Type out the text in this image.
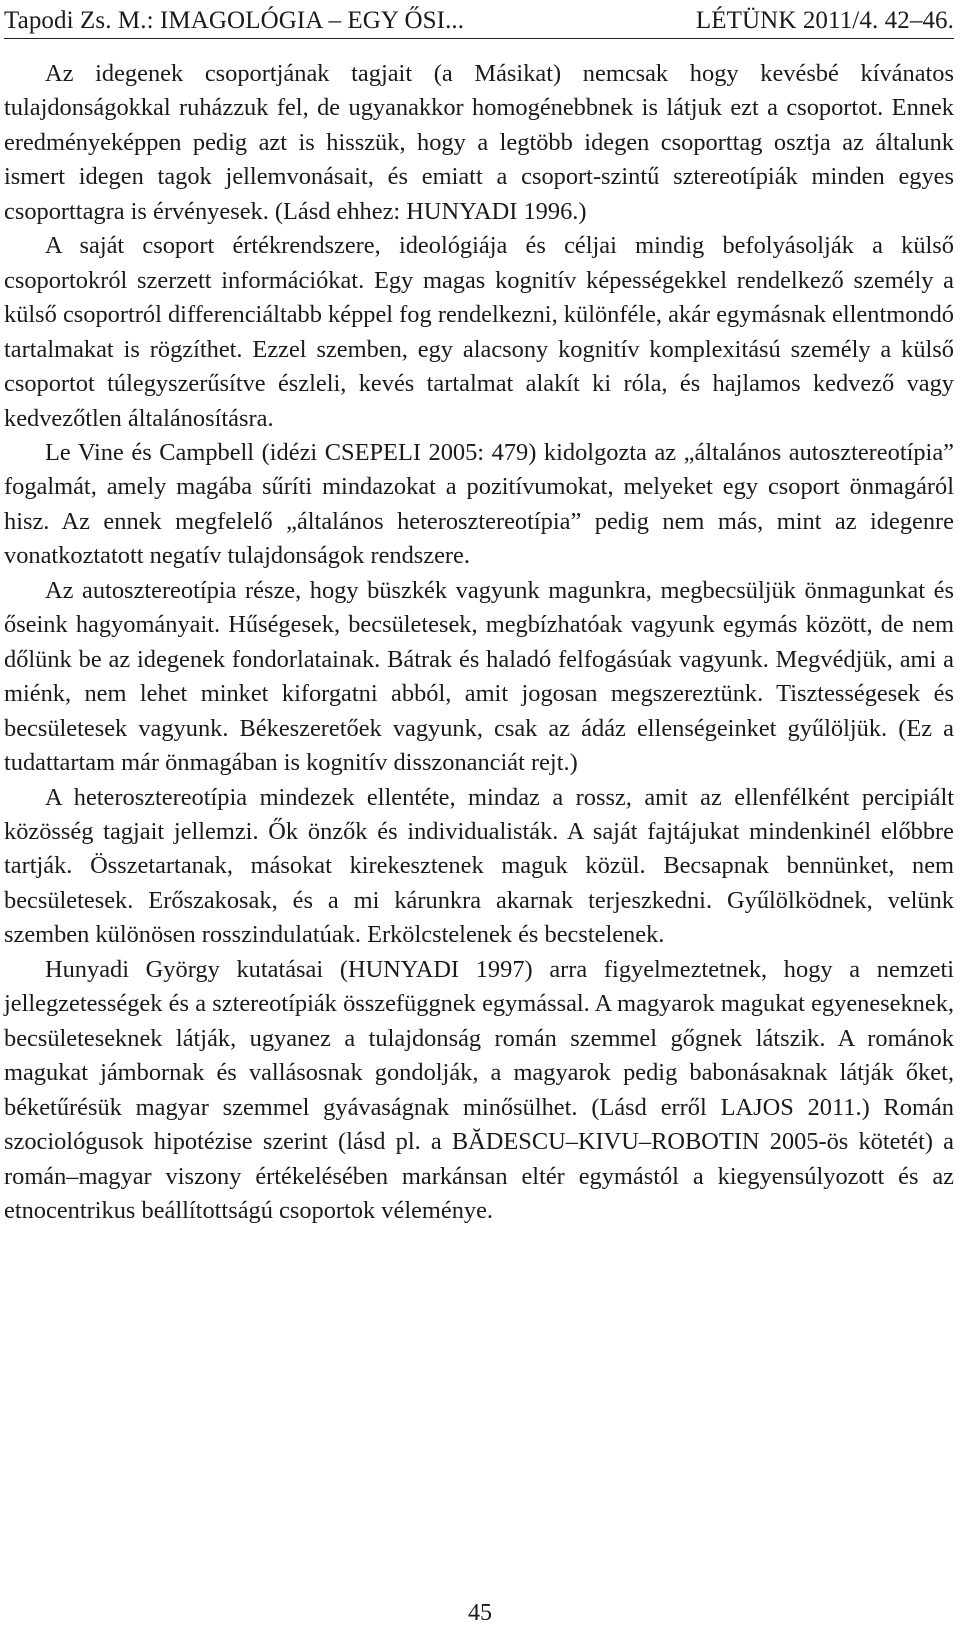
Tapodi Zs. M.: IMAGOLÓGIA – EGY ŐSI...	LÉTÜNK 2011/4. 42–46.

Az idegenek csoportjának tagjait (a Másikat) nemcsak hogy kevésbé kívánatos tulajdonságokkal ruházzuk fel, de ugyanakkor homogénebbnek is látjuk ezt a csoportot. Ennek eredményeképpen pedig azt is hisszük, hogy a legtöbb idegen csoporttag osztja az általunk ismert idegen tagok jellemvonásait, és emiatt a csoport-szintű sztereotípiák minden egyes csoporttagra is érvényesek. (Lásd ehhez: HUNYADI 1996.)

A saját csoport értékrendszere, ideológiája és céljai mindig befolyásolják a külső csoportokról szerzett információkat. Egy magas kognitív képességekkel rendelkező személy a külső csoportról differenciáltabb képpel fog rendelkezni, különféle, akár egymásnak ellentmondó tartalmakat is rögzíthet. Ezzel szemben, egy alacsony kognitív komplexitású személy a külső csoportot túlegyszerűsítve észleli, kevés tartalmat alakít ki róla, és hajlamos kedvező vagy kedvezőtlen általánosításra.

Le Vine és Campbell (idézi CSEPELI 2005: 479) kidolgozta az „általános autosztereotípia” fogalmát, amely magába sűríti mindazokat a pozitívumokat, melyeket egy csoport önmagáról hisz. Az ennek megfelelő „általános heterosztereotípia” pedig nem más, mint az idegenre vonatkoztatott negatív tulajdonságok rendszere.

Az autosztereotípia része, hogy büszkék vagyunk magunkra, megbecsüljük önmagunkat és őseink hagyományait. Hűségesek, becsületesek, megbízhatóak vagyunk egymás között, de nem dőlünk be az idegenek fondorlatainak. Bátrak és haladó felfogásúak vagyunk. Megvédjük, ami a miénk, nem lehet minket kiforgatni abból, amit jogosan megszereztünk. Tisztességesek és becsületesek vagyunk. Békeszeretőek vagyunk, csak az ádáz ellenségeinket gyűlöljük. (Ez a tudattartam már önmagában is kognitív disszonanciát rejt.)

A heterosztereotípia mindezek ellentéte, mindaz a rossz, amit az ellenfélként percipiált közösség tagjait jellemzi. Ők önzők és individualisták. A saját fajtájukat mindenkinél előbbre tartják. Összetartanak, másokat kirekesztenek maguk közül. Becsapnak bennünket, nem becsületesek. Erőszakosak, és a mi kárunkra akarnak terjeszkedni. Gyűlölködnek, velünk szemben különösen rosszindulatúak. Erkölcstelenek és becstelenek.

Hunyadi György kutatásai (HUNYADI 1997) arra figyelmeztetnek, hogy a nemzeti jellegzetességek és a sztereotípiák összefüggnek egymással. A magyarok magukat egyeneseknek, becsületeseknek látják, ugyanez a tulajdonság román szemmel gőgnek látszik. A románok magukat jámbornak és vallásosnak gondolják, a magyarok pedig babonásaknak látják őket, béketűrésük magyar szemmel gyávaságnak minősülhet. (Lásd erről LAJOS 2011.) Román szociológusok hipotézise szerint (lásd pl. a BĂDESCU–KIVU–ROBOTIN 2005-ös kötetét) a román–magyar viszony értékelésében markánsan eltér egymástól a kiegyensúlyozott és az etnocentrikus beállítottságú csoportok véleménye.

45
